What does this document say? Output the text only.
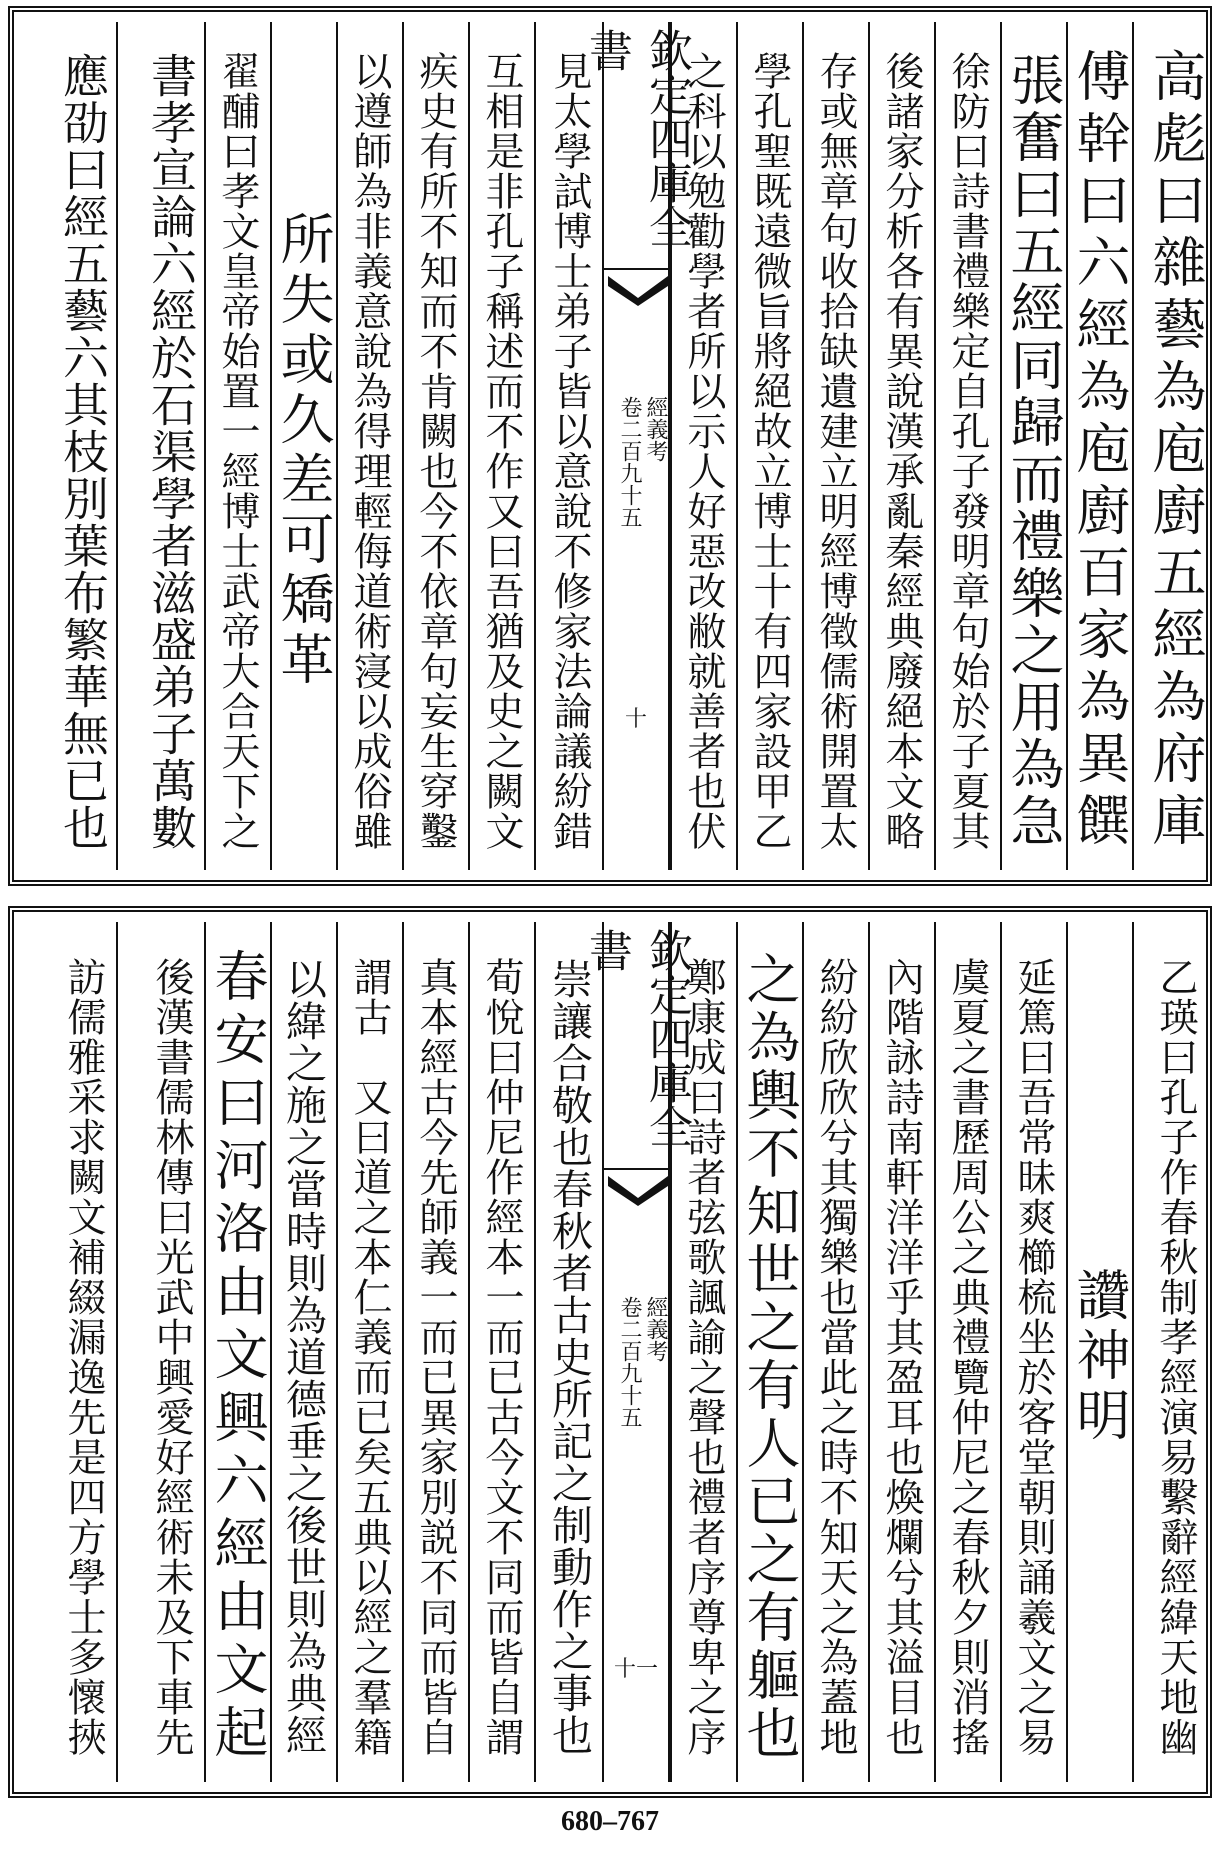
高彪曰雜藝為庖廚五經為府庫
傅幹曰六經為庖廚百家為異饌
張奮曰五經同歸而禮樂之用為急
徐防曰詩書禮樂定自孔子發明章句始於子夏其
後諸家分析各有異說漢承亂秦經典廢絕本文略
存或無章句收拾缺遺建立明經博徵儒術開置太
學孔聖既遠微旨將絕故立博士十有四家設甲乙
之科以勉勸學者所以示人好惡改敝就善者也伏
欽定四庫全書
經義考
卷二百九十五
十
見太學試博士弟子皆以意說不修家法論議紛錯
互相是非孔子稱述而不作又曰吾猶及史之闕文
疾史有所不知而不肯闕也今不依章句妄生穿鑿
以遵師為非義意說為得理輕侮道術寖以成俗雖
所失或久差可矯革
翟酺曰孝文皇帝始置一經博士武帝大合天下之
書孝宣論六經於石渠學者滋盛弟子萬數
應劭曰經五藝六其枝別葉布繁華無已也
乙瑛曰孔子作春秋制孝經演易繫辭經緯天地幽
讚神明
延篤曰吾常昧爽櫛梳坐於客堂朝則誦羲文之易
虞夏之書歷周公之典禮覽仲尼之春秋夕則消搖
內階詠詩南軒洋洋乎其盈耳也煥爛兮其溢目也
紛紛欣欣兮其獨樂也當此之時不知天之為蓋地
之為輿不知世之有人已之有軀也
鄭康成曰詩者弦歌諷諭之聲也禮者序尊卑之序
欽定四庫全書
經義考
卷二百九十五
十一
崇讓合敬也春秋者古史所記之制動作之事也
荀悅曰仲尼作經本一而已古今文不同而皆自謂
真本經古今先師義一而已異家別説不同而皆自
謂古　又曰道之本仁義而已矣五典以經之羣籍
以緯之施之當時則為道德垂之後世則為典經
春安曰河洛由文興六經由文起
後漢書儒林傳曰光武中興愛好經術未及下車先
訪儒雅采求闕文補綴漏逸先是四方學士多懷挾
680–767
